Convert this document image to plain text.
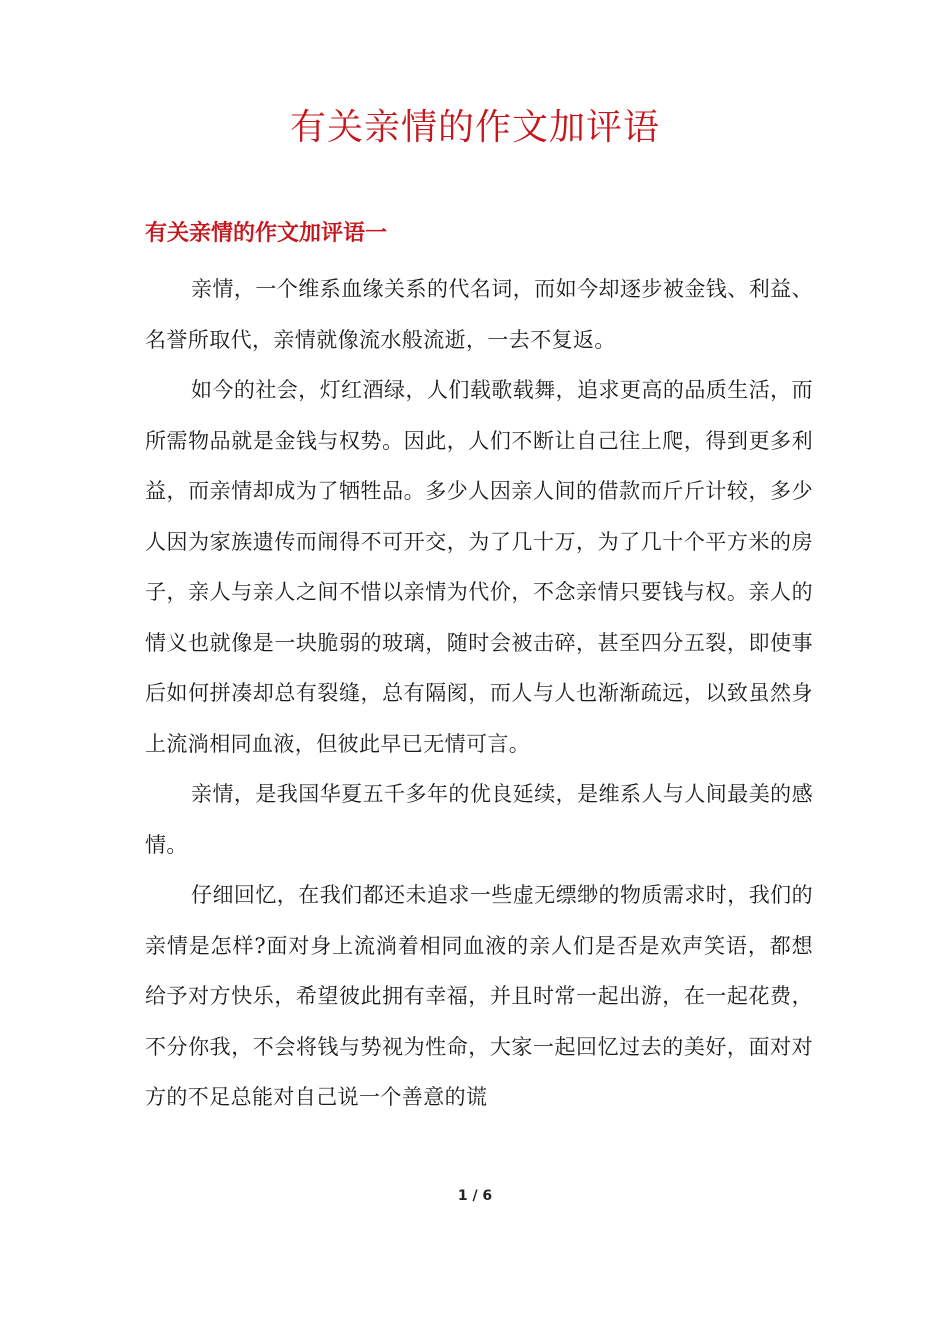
有关亲情的作文加评语
有关亲情的作文加评语一

亲情，一个维系血缘关系的代名词，而如今却逐步被金钱、利益、名誉所取代，亲情就像流水般流逝，一去不复返。

如今的社会，灯红酒绿，人们载歌载舞，追求更高的品质生活，而所需物品就是金钱与权势。因此，人们不断让自己往上爬，得到更多利益，而亲情却成为了牺牲品。多少人因亲人间的借款而斤斤计较，多少人因为家族遗传而闹得不可开交，为了几十万，为了几十个平方米的房子，亲人与亲人之间不惜以亲情为代价，不念亲情只要钱与权。亲人的情义也就像是一块脆弱的玻璃，随时会被击碎，甚至四分五裂，即使事后如何拼凑却总有裂缝，总有隔阂，而人与人也渐渐疏远，以致虽然身上流淌相同血液，但彼此早已无情可言。

亲情，是我国华夏五千多年的优良延续，是维系人与人间最美的感情。

仔细回忆，在我们都还未追求一些虚无缥缈的物质需求时，我们的亲情是怎样?面对身上流淌着相同血液的亲人们是否是欢声笑语，都想给予对方快乐，希望彼此拥有幸福，并且时常一起出游，在一起花费，不分你我，不会将钱与势视为性命，大家一起回忆过去的美好，面对对方的不足总能对自己说一个善意的谎

1 / 6
